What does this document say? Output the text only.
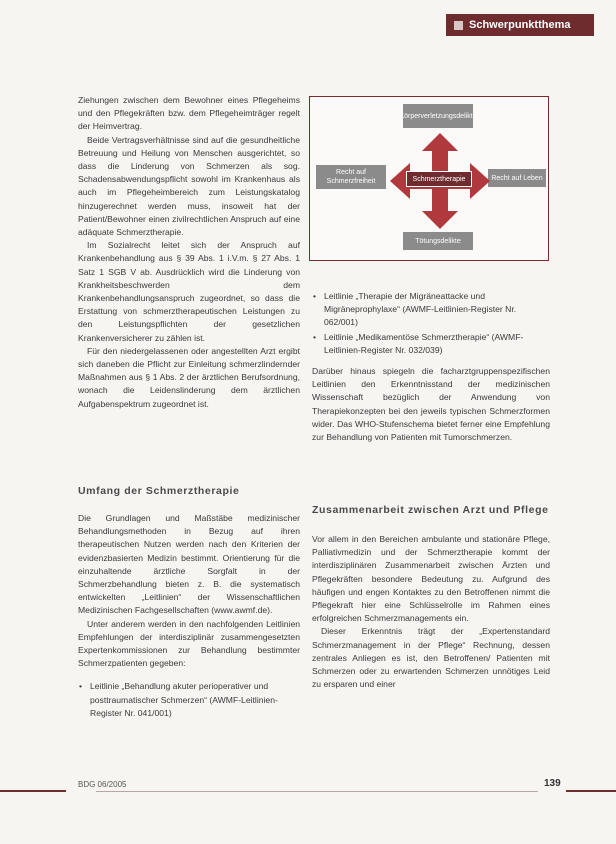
Schwerpunktthema

Ziehungen zwischen dem Bewohner eines Pflegeheims und den Pflegekräften bzw. dem Pflegeheimträger regelt der Heimvertrag.

Beide Vertragsverhältnisse sind auf die gesundheitliche Betreuung und Heilung von Menschen ausgerichtet, so dass die Linderung von Schmerzen als sog. Schadensabwendungspflicht sowohl im Krankenhaus als auch im Pflegeheimbereich zum Leistungskatalog hinzugerechnet werden muss, insoweit hat der Patient/Bewohner einen zivilrechtlichen Anspruch auf eine adäquate Schmerztherapie.

Im Sozialrecht leitet sich der Anspruch auf Krankenbehandlung aus § 39 Abs. 1 i.V.m. § 27 Abs. 1 Satz 1 SGB V ab. Ausdrücklich wird die Linderung von Krankheitsbeschwerden dem Krankenbehandlungsanspruch zugeordnet, so dass die Erstattung von schmerztherapeutischen Leistungen zu den Leistungspflichten der gesetzlichen Krankenversicherer zu zählen ist.

Für den niedergelassenen oder angestellten Arzt ergibt sich daneben die Pflicht zur Einleitung schmerzlindernder Maßnahmen aus § 1 Abs. 2 der ärztlichen Berufsordnung, wonach die Leidenslinderung dem ärztlichen Aufgabenspektrum zugeordnet ist.

Umfang der Schmerztherapie

Die Grundlagen und Maßstäbe medizinischer Behandlungsmethoden in Bezug auf ihren therapeutischen Nutzen werden nach den Kriterien der evidenzbasierten Medizin bestimmt. Orientierung für die einzuhaltende ärztliche Sorgfalt in der Schmerzbehandlung bieten z. B. die systematisch entwickelten „Leitlinien“ der Wissenschaftlichen Medizinischen Fachgesellschaften (www.awmf.de).

Unter anderem werden in den nachfolgenden Leitlinien Empfehlungen der interdisziplinär zusammengesetzten Expertenkommissionen zur Behandlung bestimmter Schmerzpatienten gegeben:

• Leitlinie „Behandlung akuter perioperativer und posttraumatischer Schmerzen“ (AWMF-Leitlinien-Register Nr. 041/001)
Körperverletzungsdelikte
Recht auf Schmerzfreiheit	Recht auf Leben
Tötungsdelikte
Schmerztherapie
• Leitlinie „Therapie der Migräneattacke und Migräneprophylaxe“ (AWMF-Leitlinien-Register Nr. 062/001)
• Leitlinie „Medikamentöse Schmerztherapie“ (AWMF-Leitlinien-Register Nr. 032/039)

Darüber hinaus spiegeln die facharztgruppenspezifischen Leitlinien den Erkenntnisstand der medizinischen Wissenschaft bezüglich der Anwendung von Therapiekonzepten bei den jeweils typischen Schmerzformen wider. Das WHO-Stufenschema bietet ferner eine Empfehlung zur Behandlung von Patienten mit Tumorschmerzen.

Zusammenarbeit zwischen Arzt und Pflege

Vor allem in den Bereichen ambulante und stationäre Pflege, Palliativmedizin und der Schmerztherapie kommt der interdisziplinären Zusammenarbeit zwischen Ärzten und Pflegekräften besondere Bedeutung zu. Aufgrund des häufigen und engen Kontaktes zu den Betroffenen nimmt die Pflegekraft hier eine Schlüsselrolle im Rahmen eines erfolgreichen Schmerzmanagements ein.

Dieser Erkenntnis trägt der „Expertenstandard Schmerzmanagement in der Pflege“ Rechnung, dessen zentrales Anliegen es ist, den Betroffenen/ Patienten mit Schmerzen oder zu erwartenden Schmerzen unnötiges Leid zu ersparen und einer

BDG 06/2005	139
